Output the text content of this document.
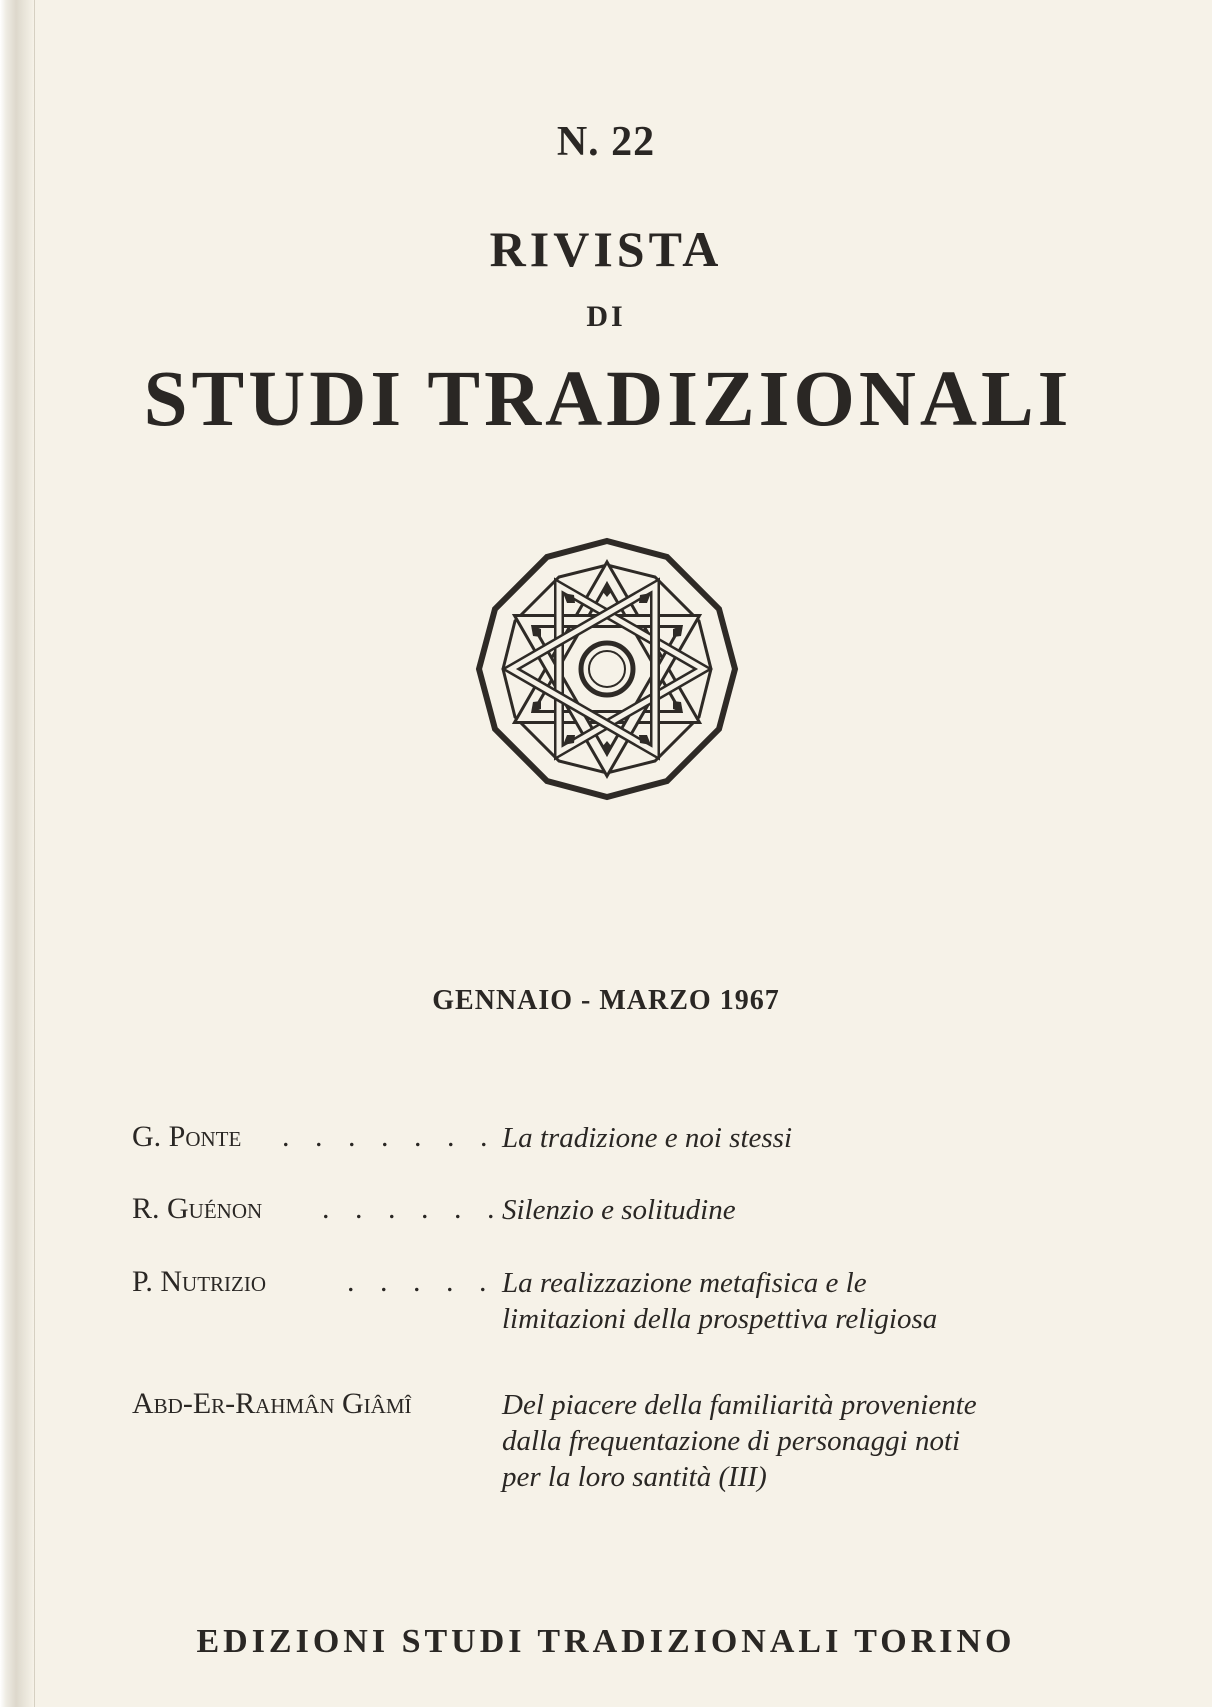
N. 22
RIVISTA
DI
STUDI TRADIZIONALI
GENNAIO - MARZO 1967
G. Ponte . . . . . . . La tradizione e noi stessi
R. Guénon . . . . . .
Silenzio e solitudine
P. Nutrizio	. . . . . La realizzazione metafisica e le
limitazioni della prospettiva religiosa
Abd-Er-Rahmân Giâmî	Del piacere della familiarità proveniente
dalla frequentazione di personaggi noti
per la loro santità (III)
EDIZIONI STUDI TRADIZIONALI TORINO
